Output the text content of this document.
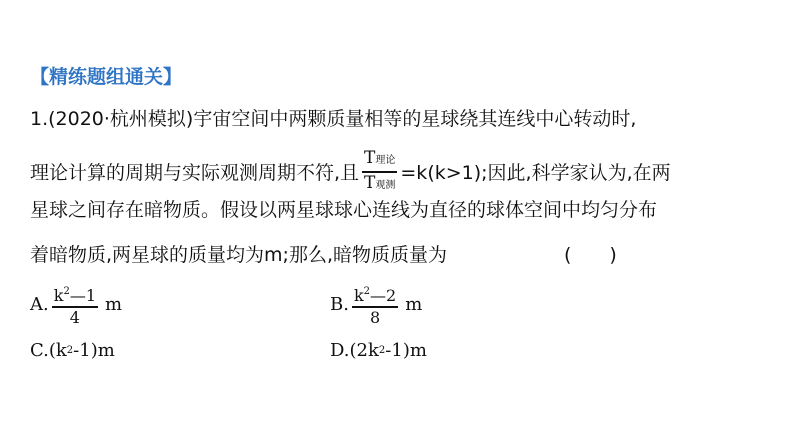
【精练题组通关】
1.(2020·杭州模拟)宇宙空间中两颗质量相等的星球绕其连线中心转动时,
理论计算的周期与实际观测周期不符,且 $\frac{\text{T理论}}{\text{T观测}} =k(k>1)$;因此,科学家认为,在两
星球之间存在暗物质。假设以两星球球心连线为直径的球体空间中均匀分布
着暗物质,两星球的质量均为m;那么,暗物质质量为	(　　)
A. $\frac{k^2—1}{4}$ m	B. $\frac{k^2—2}{8}$ m
C. (k 2 -1)m	D. (2k 2 -1)m
